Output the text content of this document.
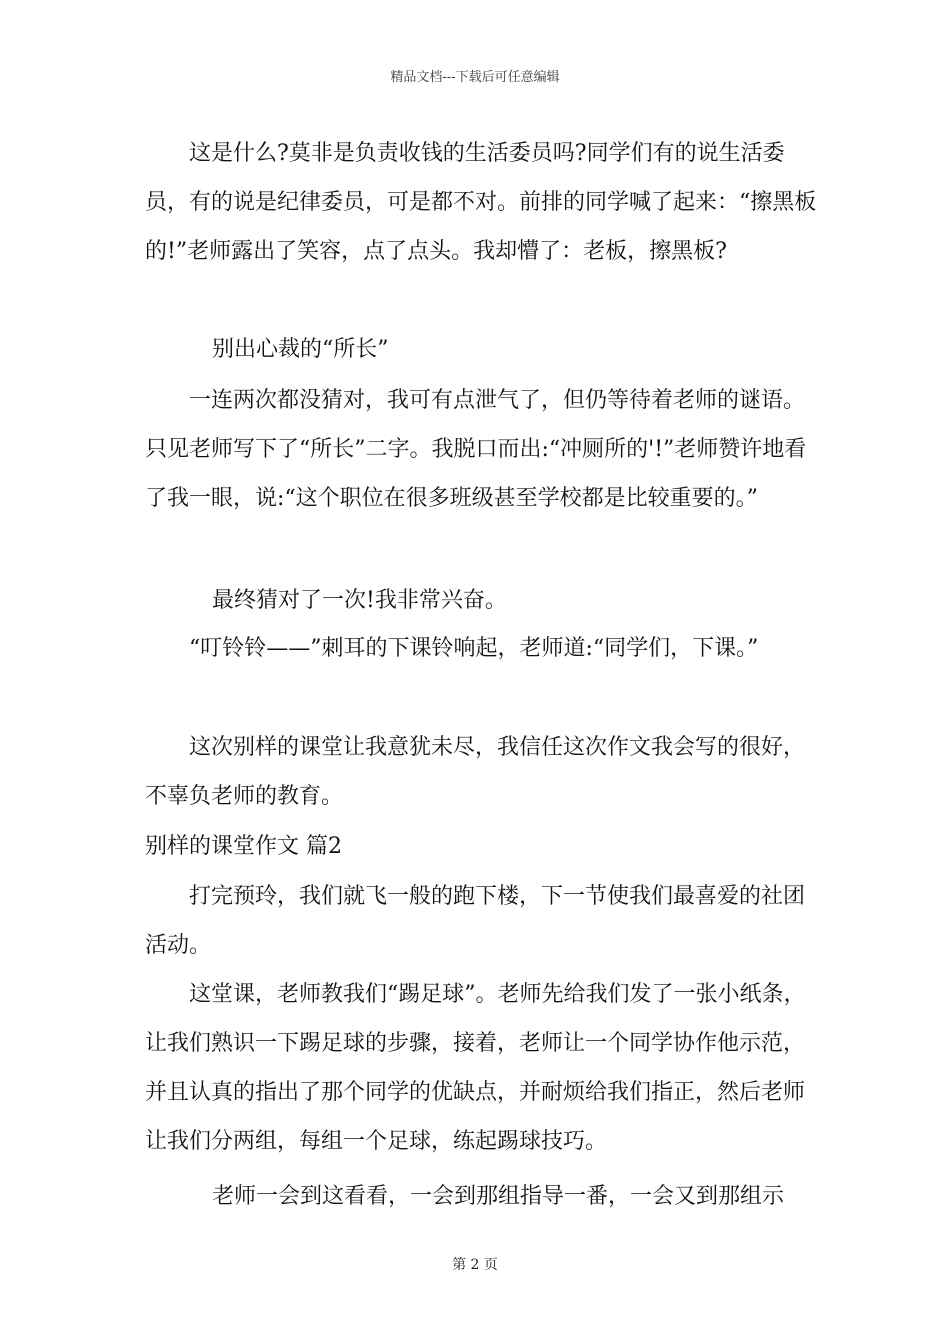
精品文档---下载后可任意编辑

这是什么?莫非是负责收钱的生活委员吗?同学们有的说生活委员，有的说是纪律委员，可是都不对。前排的同学喊了起来：“擦黑板的!”老师露出了笑容，点了点头。我却懵了：老板，擦黑板?

别出心裁的“所长”

一连两次都没猜对，我可有点泄气了，但仍等待着老师的谜语。只见老师写下了“所长”二字。我脱口而出:“冲厕所的'!”老师赞许地看了我一眼，说:“这个职位在很多班级甚至学校都是比较重要的。”

最终猜对了一次!我非常兴奋。

“叮铃铃——”刺耳的下课铃响起，老师道:“同学们，下课。”

这次别样的课堂让我意犹未尽，我信任这次作文我会写的很好，不辜负老师的教育。

别样的课堂作文 篇2

打完预玲，我们就飞一般的跑下楼，下一节使我们最喜爱的社团活动。

这堂课，老师教我们“踢足球”。老师先给我们发了一张小纸条，让我们熟识一下踢足球的步骤，接着，老师让一个同学协作他示范，并且认真的指出了那个同学的优缺点，并耐烦给我们指正，然后老师让我们分两组，每组一个足球，练起踢球技巧。

老师一会到这看看，一会到那组指导一番，一会又到那组示
第 2 页
